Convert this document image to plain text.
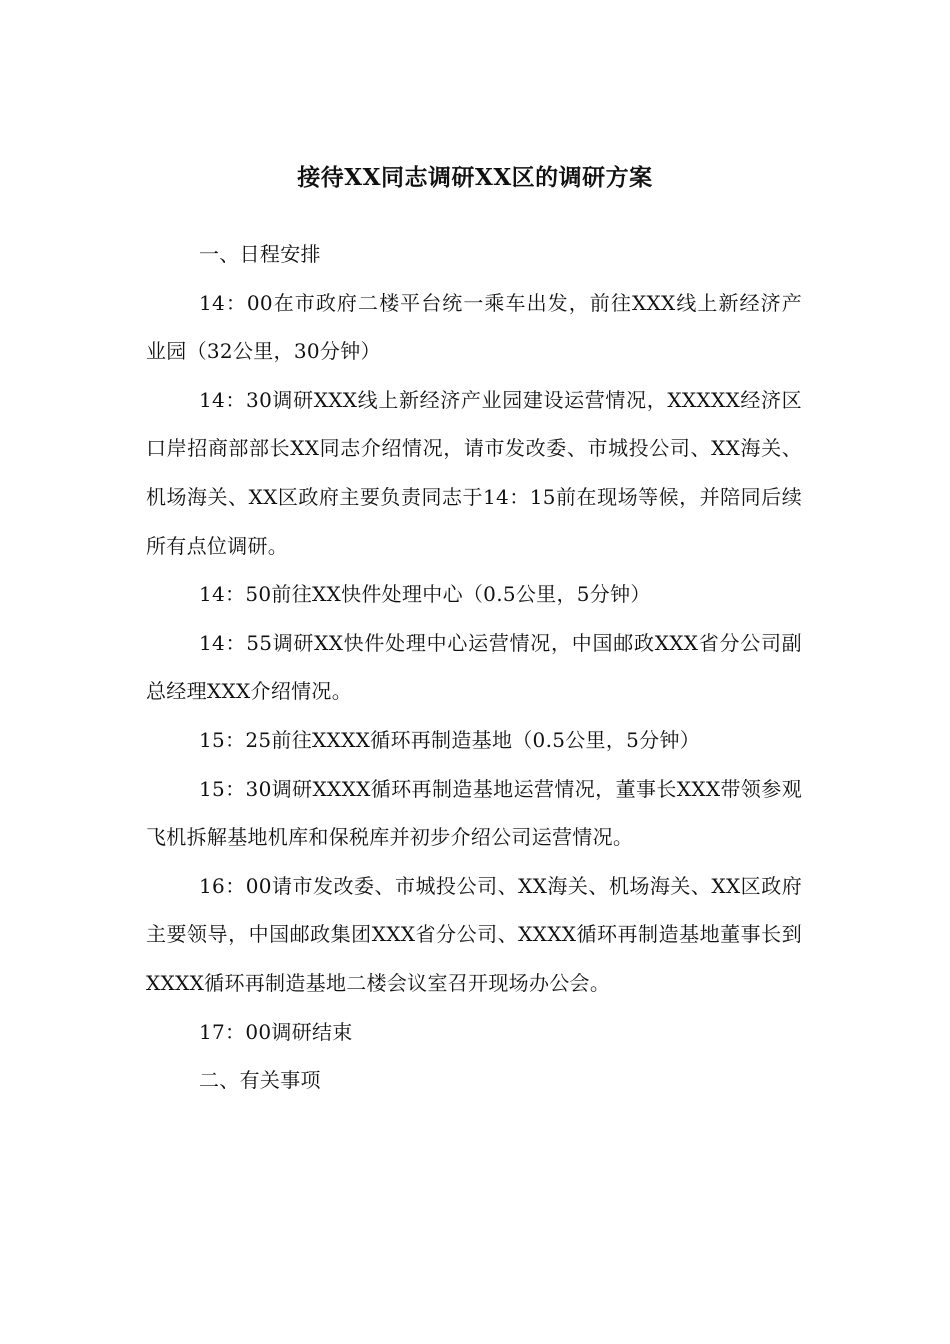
接待XX同志调研XX区的调研方案

一、日程安排

14：00在市政府二楼平台统一乘车出发，前往XXX线上新经济产业园（32公里，30分钟）

14：30调研XXX线上新经济产业园建设运营情况，XXXXX经济区口岸招商部部长XX同志介绍情况，请市发改委、市城投公司、XX海关、机场海关、XX区政府主要负责同志于14：15前在现场等候，并陪同后续所有点位调研。

14：50前往XX快件处理中心（0.5公里，5分钟）

14：55调研XX快件处理中心运营情况，中国邮政XXX省分公司副总经理XXX介绍情况。

15：25前往XXXX循环再制造基地（0.5公里，5分钟）

15：30调研XXXX循环再制造基地运营情况，董事长XXX带领参观飞机拆解基地机库和保税库并初步介绍公司运营情况。

16：00请市发改委、市城投公司、XX海关、机场海关、XX区政府主要领导，中国邮政集团XXX省分公司、XXXX循环再制造基地董事长到XXXX循环再制造基地二楼会议室召开现场办公会。

17：00调研结束

二、有关事项
